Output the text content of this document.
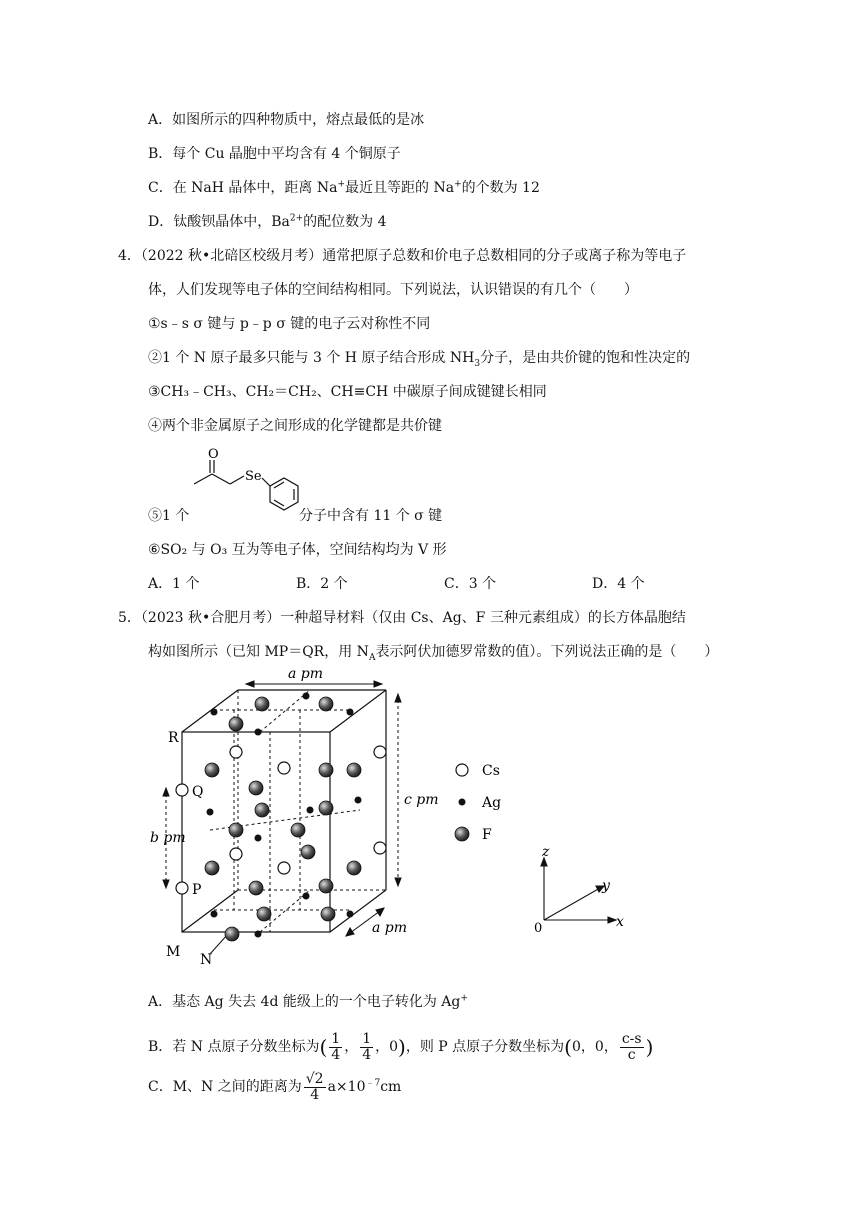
A．如图所示的四种物质中，熔点最低的是冰
B．每个 Cu 晶胞中平均含有 4 个铜原子
C．在 NaH 晶体中，距离 Na+最近且等距的 Na+的个数为 12
D．钛酸钡晶体中，$Ba^{2+}$的配位数为 4
4．（2022 秋•北碚区校级月考）通常把原子总数和价电子总数相同的分子或离子称为等电子
体，人们发现等电子体的空间结构相同。下列说法，认识错误的有几个（　　）
①s﹣s σ 键与 p﹣p σ 键的电子云对称性不同
②1 个 N 原子最多只能与 3 个 H 原子结合形成 $NH_3$分子，是由共价键的饱和性决定的
③CH₃﹣CH₃、CH₂＝CH₂、CH≡CH 中碳原子间成键键长相同
④两个非金属原子之间形成的化学键都是共价键
O
Se
⑤1 个	分子中含有 11 个 σ 键
⑥SO₂ 与 O₃ 互为等电子体，空间结构均为 V 形
A．1 个	B．2 个	C．3 个	D．4 个
5．（2023 秋•合肥月考）一种超导材料（仅由 Cs、Ag、F 三种元素组成）的长方体晶胞结
构如图所示（已知 MP＝QR，用 $N_A$表示阿伏加德罗常数的值）。下列说法正确的是（　　）
a pm
c pm
b pm
a pm
R
Q
P
M N
Cs
Ag
F
z
y
x
0
A．基态 Ag 失去 4d 能级上的一个电子转化为 Ag+
B．若 N 点原子分数坐标为( $\frac{1}{4}$ ， $\frac{1}{4}$ ，0)，则 P 点原子分数坐标为(0，0， $\frac{c-s}{c}$ )
C．M、N 之间的距离为 $\frac{√2}{4} a\times 10^{﹣7}cm$
